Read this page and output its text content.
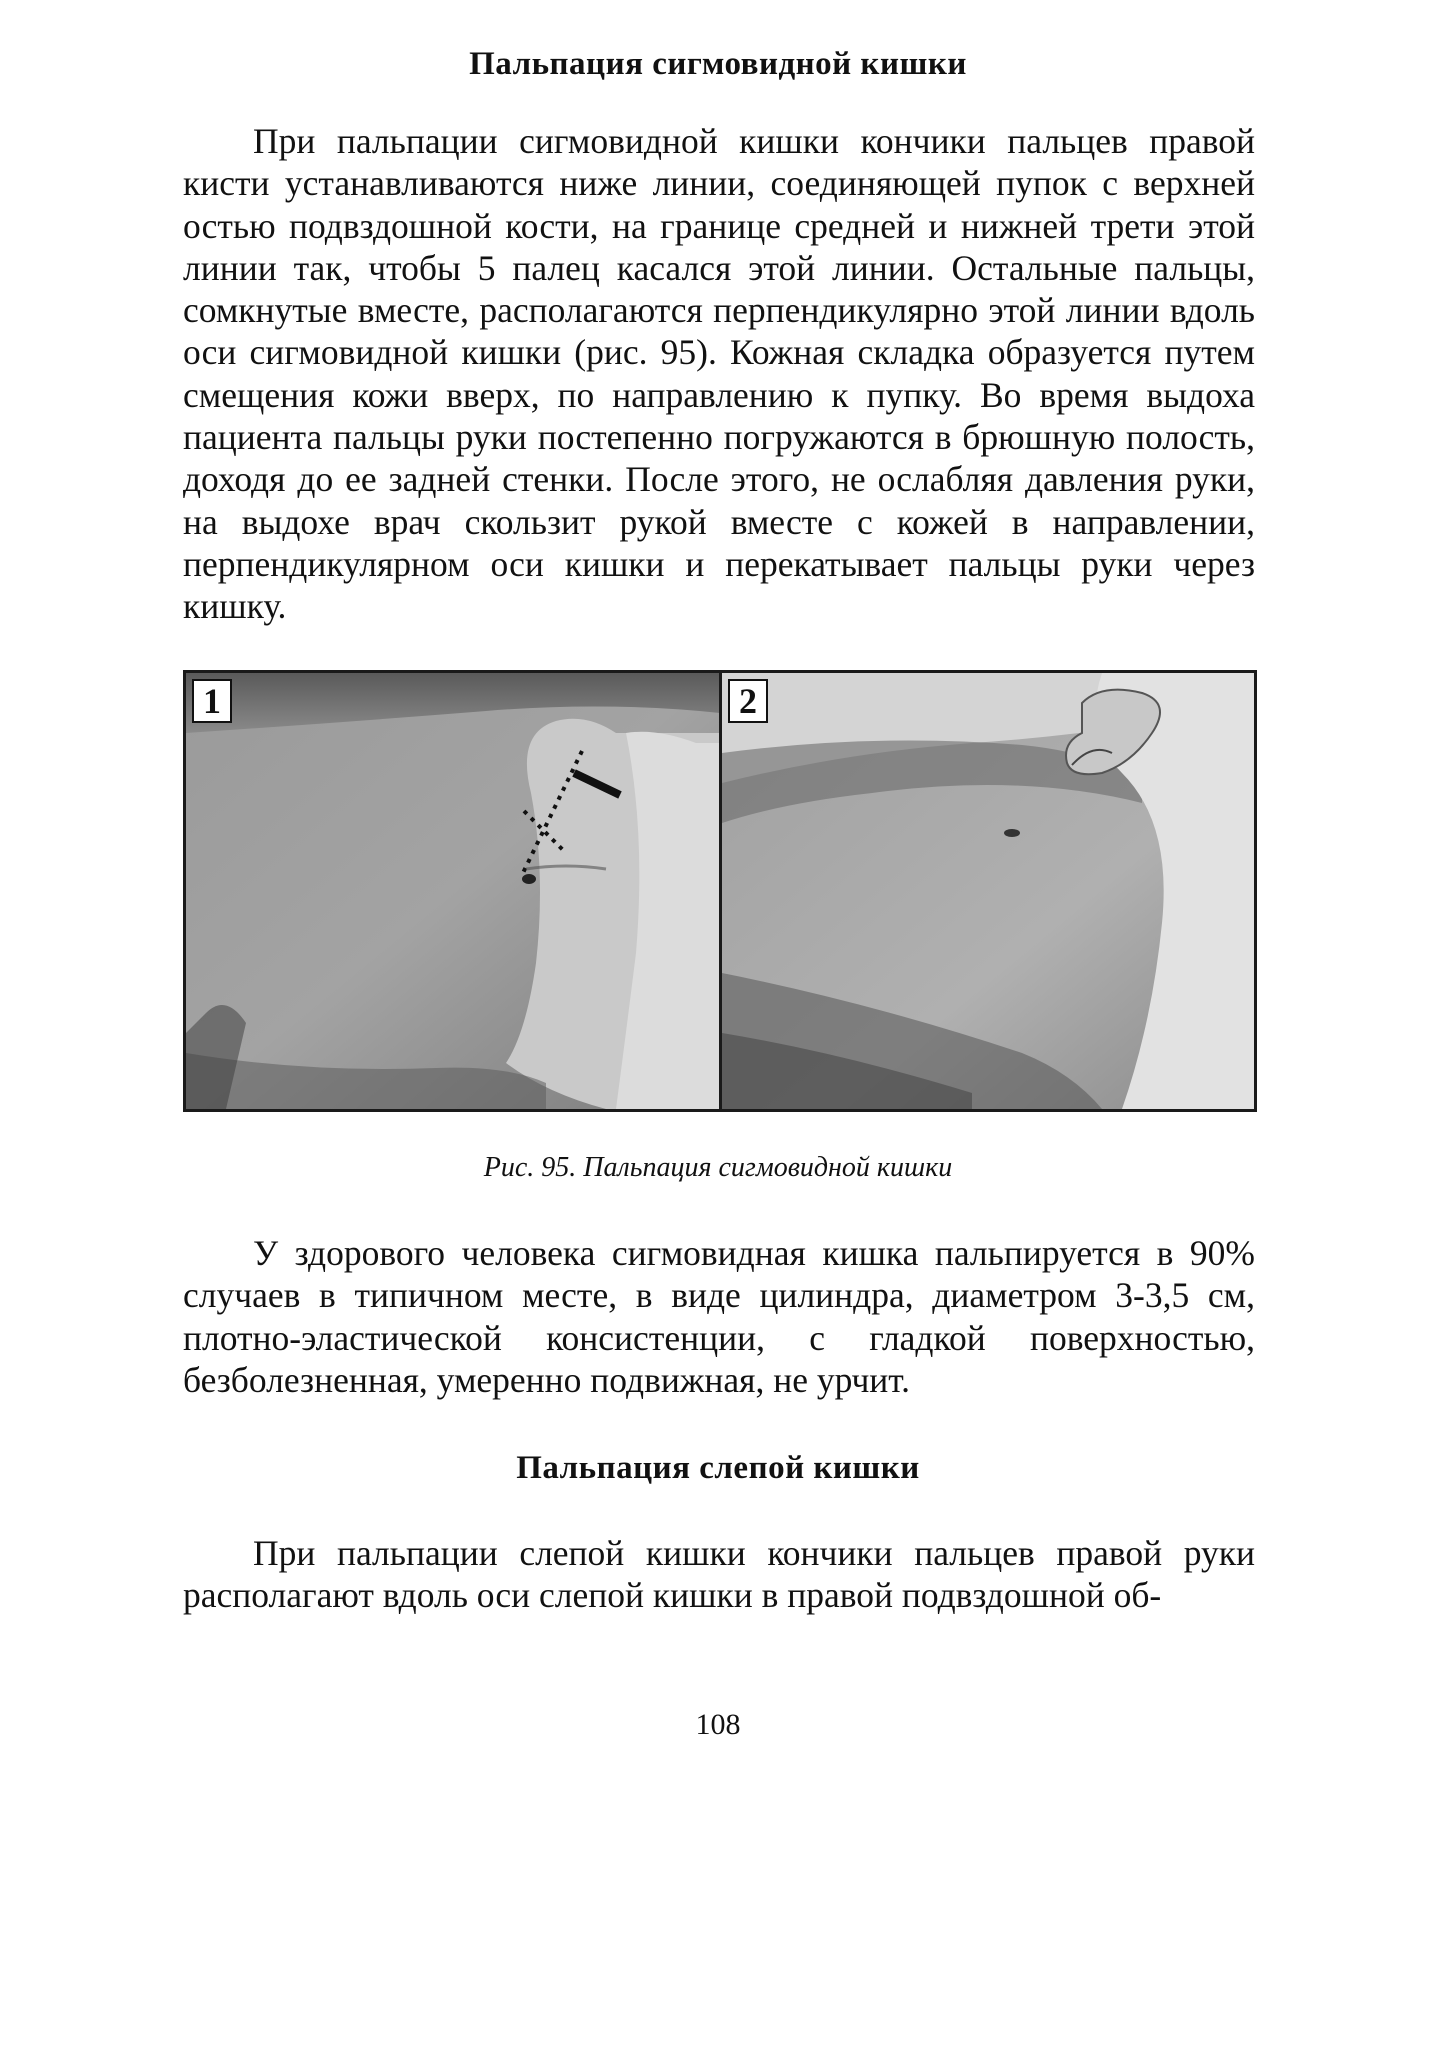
Пальпация сигмовидной кишки

При пальпации сигмовидной кишки кончики пальцев правой кисти устанавливаются ниже линии, соединяющей пупок с верхней остью подвздошной кости, на границе средней и нижней трети этой линии так, чтобы 5 палец касался этой линии. Остальные пальцы, сомкнутые вместе, располагаются перпендикулярно этой линии вдоль оси сигмовидной кишки (рис. 95). Кожная складка образуется путем смещения кожи вверх, по направлению к пупку. Во время выдоха пациента пальцы руки постепенно погружаются в брюшную полость, доходя до ее задней стенки. После этого, не ослабляя давления руки, на выдохе врач скользит рукой вместе с кожей в направлении, перпендикулярном оси кишки и перекатывает пальцы руки через кишку.

1	2
Рис. 95. Пальпация сигмовидной кишки

У здорового человека сигмовидная кишка пальпируется в 90% случаев в типичном месте, в виде цилиндра, диаметром 3-3,5 см, плотно-эластической консистенции, с гладкой поверхностью, безболезненная, умеренно подвижная, не урчит.

Пальпация слепой кишки

При пальпации слепой кишки кончики пальцев правой руки располагают вдоль оси слепой кишки в правой подвздошной об-

108
